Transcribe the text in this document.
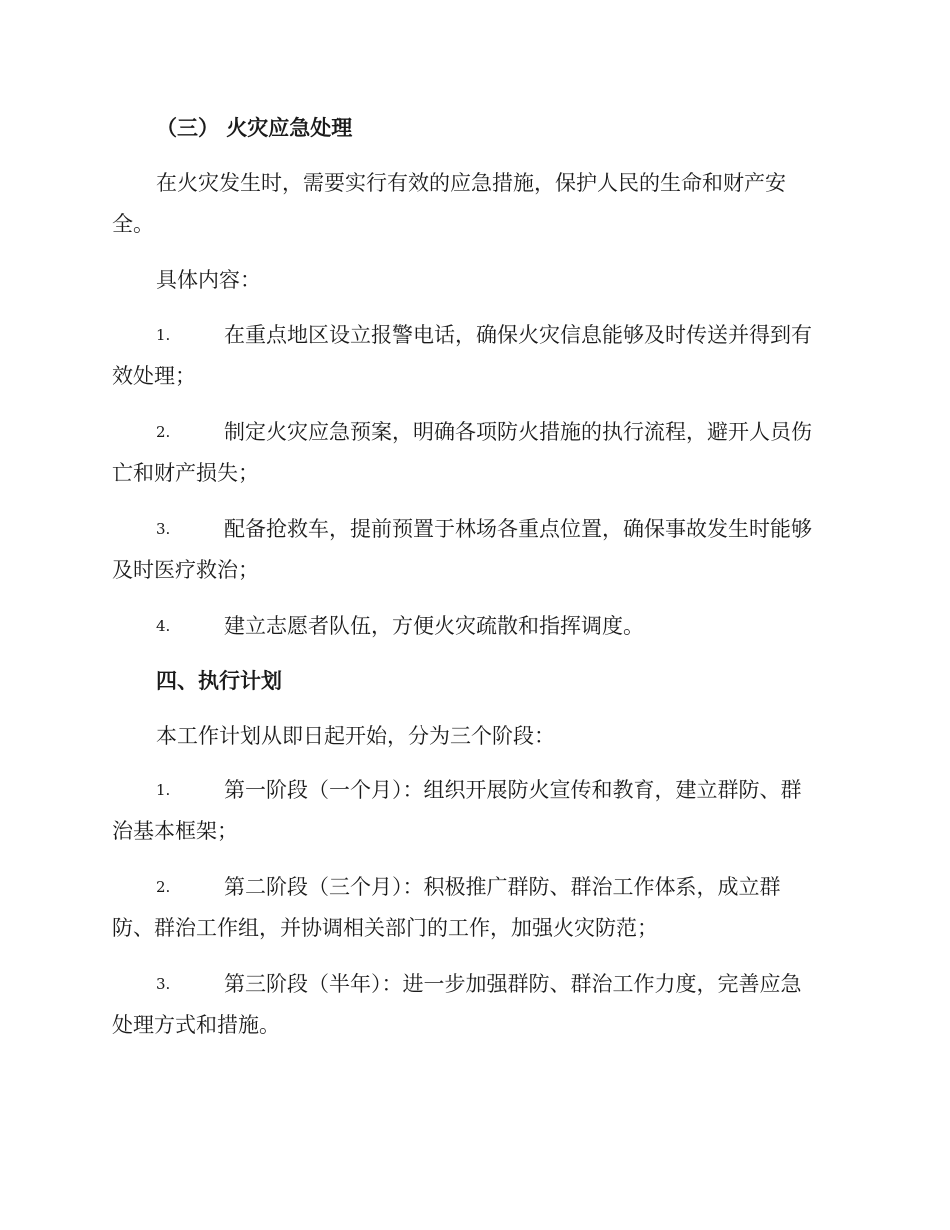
（三） 火灾应急处理
在火灾发生时，需要实行有效的应急措施，保护人民的生命和财产安
全。
具体内容：
1.	在重点地区设立报警电话，确保火灾信息能够及时传送并得到有
效处理；
2.	制定火灾应急预案，明确各项防火措施的执行流程，避开人员伤
亡和财产损失；
3.	配备抢救车，提前预置于林场各重点位置，确保事故发生时能够
及时医疗救治；
4.	建立志愿者队伍，方便火灾疏散和指挥调度。
四、执行计划
本工作计划从即日起开始，分为三个阶段：
1.	第一阶段（一个月）：组织开展防火宣传和教育，建立群防、群
治基本框架；
2.	第二阶段（三个月）：积极推广群防、群治工作体系，成立群
防、群治工作组，并协调相关部门的工作，加强火灾防范；
3.	第三阶段（半年）：进一步加强群防、群治工作力度，完善应急
处理方式和措施。
